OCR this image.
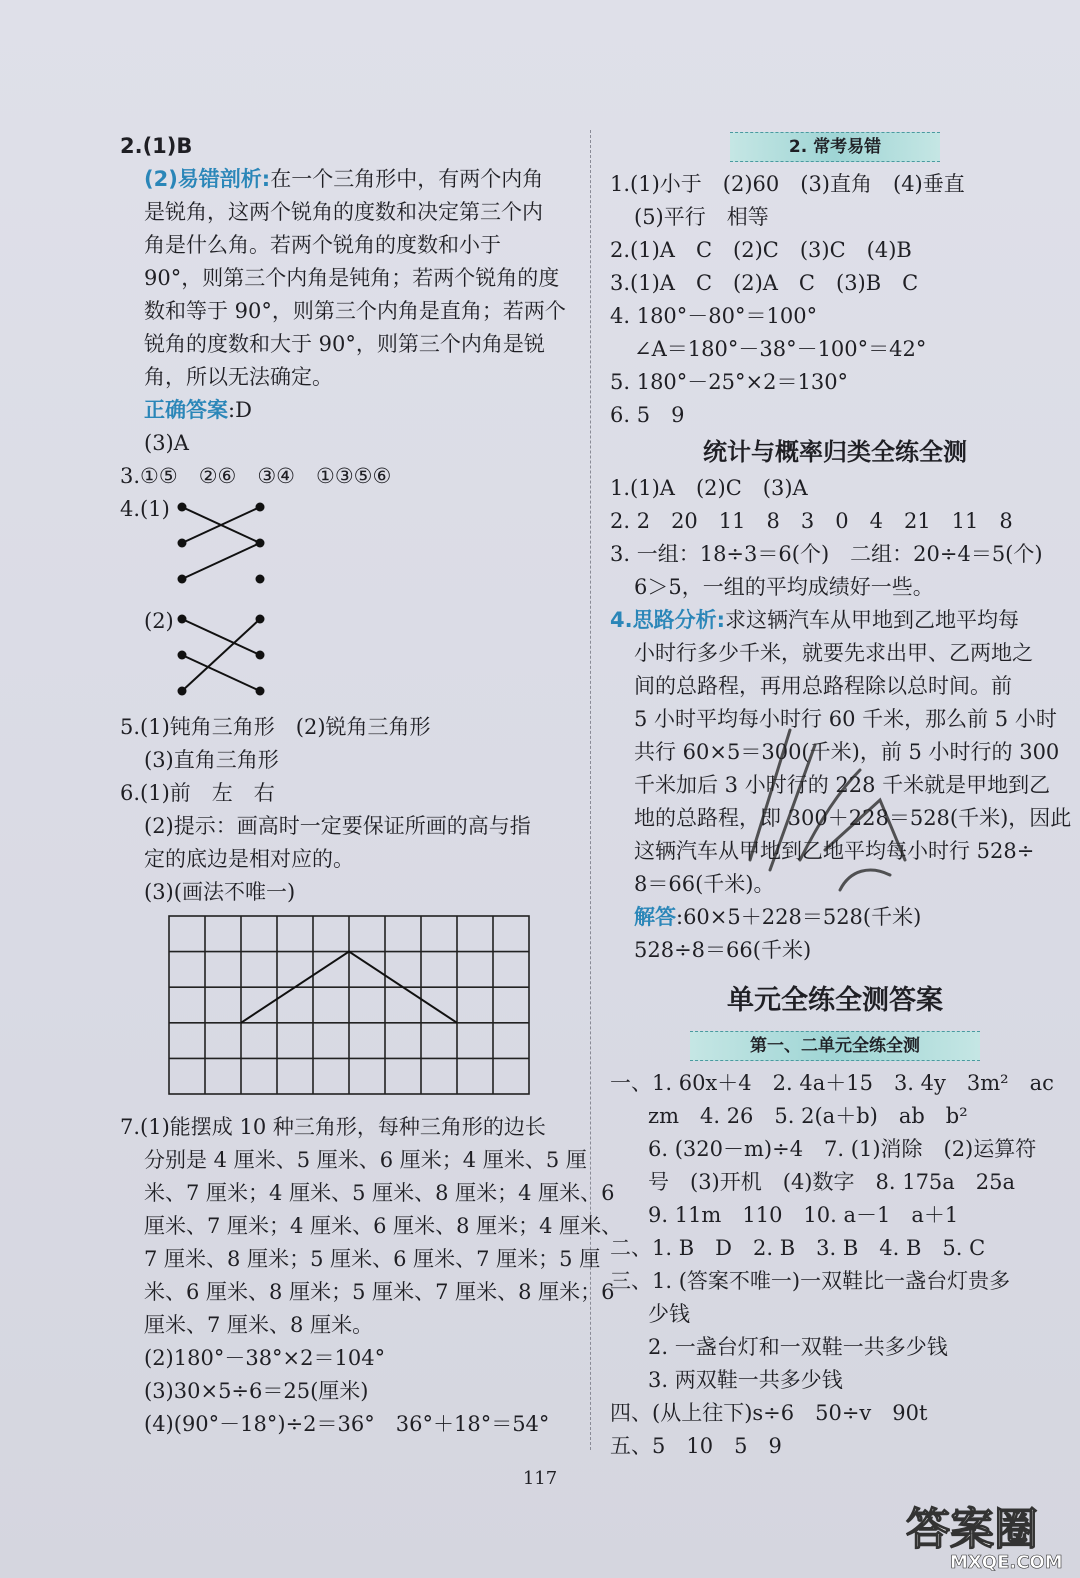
2.(1)B
(2)易错剖析:在一个三角形中，有两个内角
是锐角，这两个锐角的度数和决定第三个内
角是什么角。若两个锐角的度数和小于
90°，则第三个内角是钝角；若两个锐角的度
数和等于 90°，则第三个内角是直角；若两个
锐角的度数和大于 90°，则第三个内角是锐
角，所以无法确定。
正确答案:D
(3)A
3.①⑤　②⑥　③④　①③⑤⑥
4.(1)
(2)
5.(1)钝角三角形　(2)锐角三角形
(3)直角三角形
6.(1)前　左　右
(2)提示：画高时一定要保证所画的高与指
定的底边是相对应的。
(3)(画法不唯一)
7.(1)能摆成 10 种三角形，每种三角形的边长
分别是 4 厘米、5 厘米、6 厘米；4 厘米、5 厘
米、7 厘米；4 厘米、5 厘米、8 厘米；4 厘米、6
厘米、7 厘米；4 厘米、6 厘米、8 厘米；4 厘米、
7 厘米、8 厘米；5 厘米、6 厘米、7 厘米；5 厘
米、6 厘米、8 厘米；5 厘米、7 厘米、8 厘米；6
厘米、7 厘米、8 厘米。
(2)180°－38°×2＝104°
(3)30×5÷6＝25(厘米)
(4)(90°－18°)÷2＝36°　36°＋18°＝54°
2. 常考易错
1.(1)小于　(2)60　(3)直角　(4)垂直
(5)平行　相等
2.(1)A　C　(2)C　(3)C　(4)B
3.(1)A　C　(2)A　C　(3)B　C
4. 180°－80°＝100°
∠A＝180°－38°－100°＝42°
5. 180°－25°×2＝130°
6. 5　9
统计与概率归类全练全测
1.(1)A　(2)C　(3)A
2. 2　20　11　8　3　0　4　21　11　8
3. 一组：18÷3＝6(个)　二组：20÷4＝5(个)
6＞5，一组的平均成绩好一些。
4.思路分析:求这辆汽车从甲地到乙地平均每
小时行多少千米，就要先求出甲、乙两地之
间的总路程，再用总路程除以总时间。前
5 小时平均每小时行 60 千米，那么前 5 小时
共行 60×5＝300(千米)，前 5 小时行的 300
千米加后 3 小时行的 228 千米就是甲地到乙
地的总路程，即 300＋228＝528(千米)，因此
这辆汽车从甲地到乙地平均每小时行 528÷
8＝66(千米)。
解答:60×5＋228＝528(千米)
528÷8＝66(千米)
单元全练全测答案
第一、二单元全练全测
一、1. 60x＋4　2. 4a＋15　3. 4y　3m²　ac
zm　4. 26　5. 2(a＋b)　ab　b²
6. (320－m)÷4　7. (1)消除　(2)运算符
号　(3)开机　(4)数字　8. 175a　25a
9. 11m　110　10. a－1　a＋1
二、1. B　D　2. B　3. B　4. B　5. C
三、1. (答案不唯一)一双鞋比一盏台灯贵多
少钱
2. 一盏台灯和一双鞋一共多少钱
3. 两双鞋一共多少钱
四、(从上往下)s÷6　50÷v　90t
五、5　10　5　9
117
答案圈
MXQE.COM
